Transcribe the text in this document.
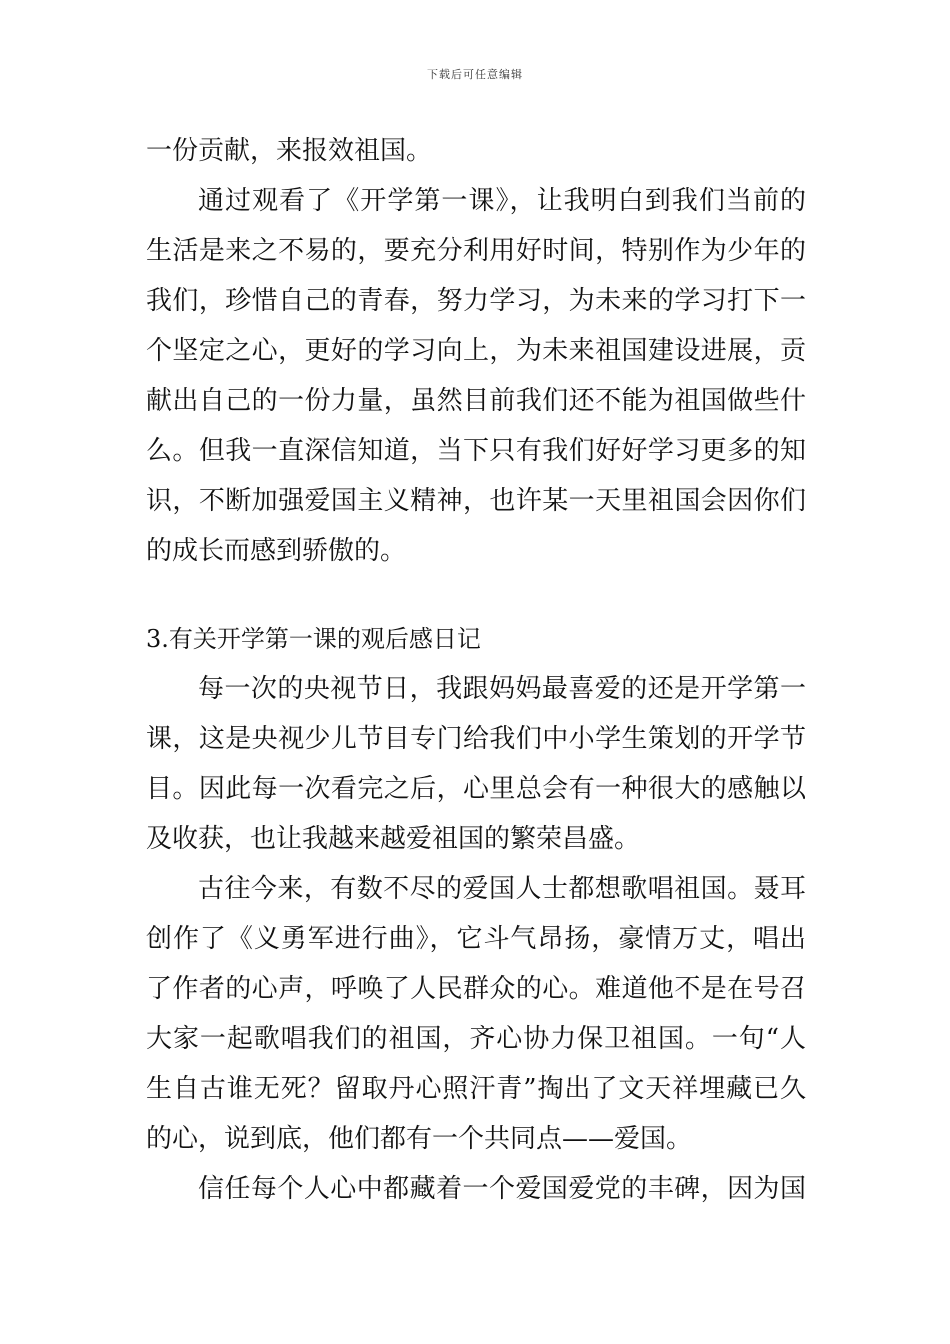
下载后可任意编辑
一份贡献，来报效祖国。
通过观看了《开学第一课》，让我明白到我们当前的
生活是来之不易的，要充分利用好时间，特别作为少年的
我们，珍惜自己的青春，努力学习，为未来的学习打下一
个坚定之心，更好的学习向上，为未来祖国建设进展，贡
献出自己的一份力量，虽然目前我们还不能为祖国做些什
么。但我一直深信知道，当下只有我们好好学习更多的知
识，不断加强爱国主义精神，也许某一天里祖国会因你们
的成长而感到骄傲的。
3.有关开学第一课的观后感日记
每一次的央视节日，我跟妈妈最喜爱的还是开学第一
课，这是央视少儿节目专门给我们中小学生策划的开学节
目。因此每一次看完之后，心里总会有一种很大的感触以
及收获，也让我越来越爱祖国的繁荣昌盛。
古往今来，有数不尽的爱国人士都想歌唱祖国。聂耳
创作了《义勇军进行曲》，它斗气昂扬，豪情万丈，唱出
了作者的心声，呼唤了人民群众的心。难道他不是在号召
大家一起歌唱我们的祖国，齐心协力保卫祖国。一句“人
生自古谁无死？留取丹心照汗青”掏出了文天祥埋藏已久
的心，说到底，他们都有一个共同点——爱国。
信任每个人心中都藏着一个爱国爱党的丰碑，因为国
